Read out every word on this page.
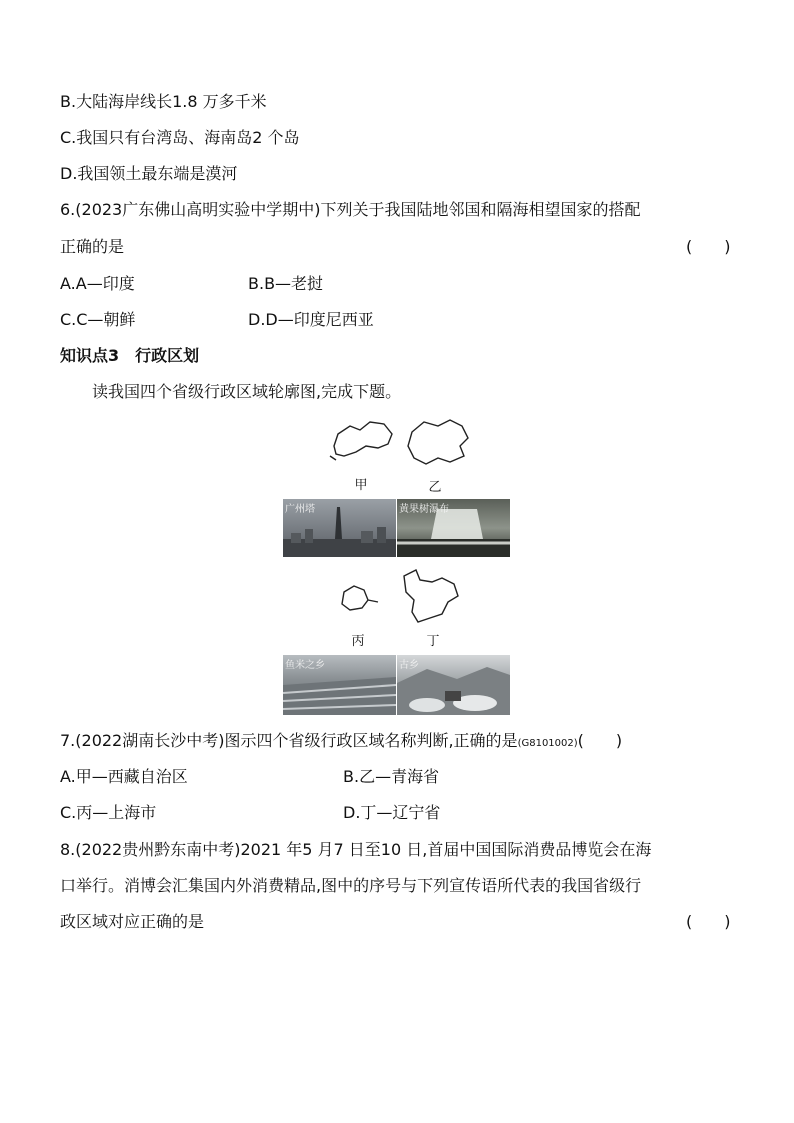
B.大陆海岸线长1.8 万多千米
C.我国只有台湾岛、海南岛2 个岛
D.我国领土最东端是漠河
6.(2023广东佛山高明实验中学期中)下列关于我国陆地邻国和隔海相望国家的搭配
正确的是	(　　)
A.A—印度	B.B—老挝
C.C—朝鲜	D.D—印度尼西亚
知识点3　行政区划
读我国四个省级行政区域轮廓图,完成下题。
甲	乙
广州塔	黄果树瀑布
丙	丁
鱼米之乡	古乡
7.(2022湖南长沙中考)图示四个省级行政区域名称判断,正确的是(G8101002)(　　)
A.甲—西藏自治区	B.乙—青海省
C.丙—上海市	D.丁—辽宁省
8.(2022贵州黔东南中考)2021 年5 月7 日至10 日,首届中国国际消费品博览会在海
口举行。消博会汇集国内外消费精品,图中的序号与下列宣传语所代表的我国省级行
政区域对应正确的是	(　　)
